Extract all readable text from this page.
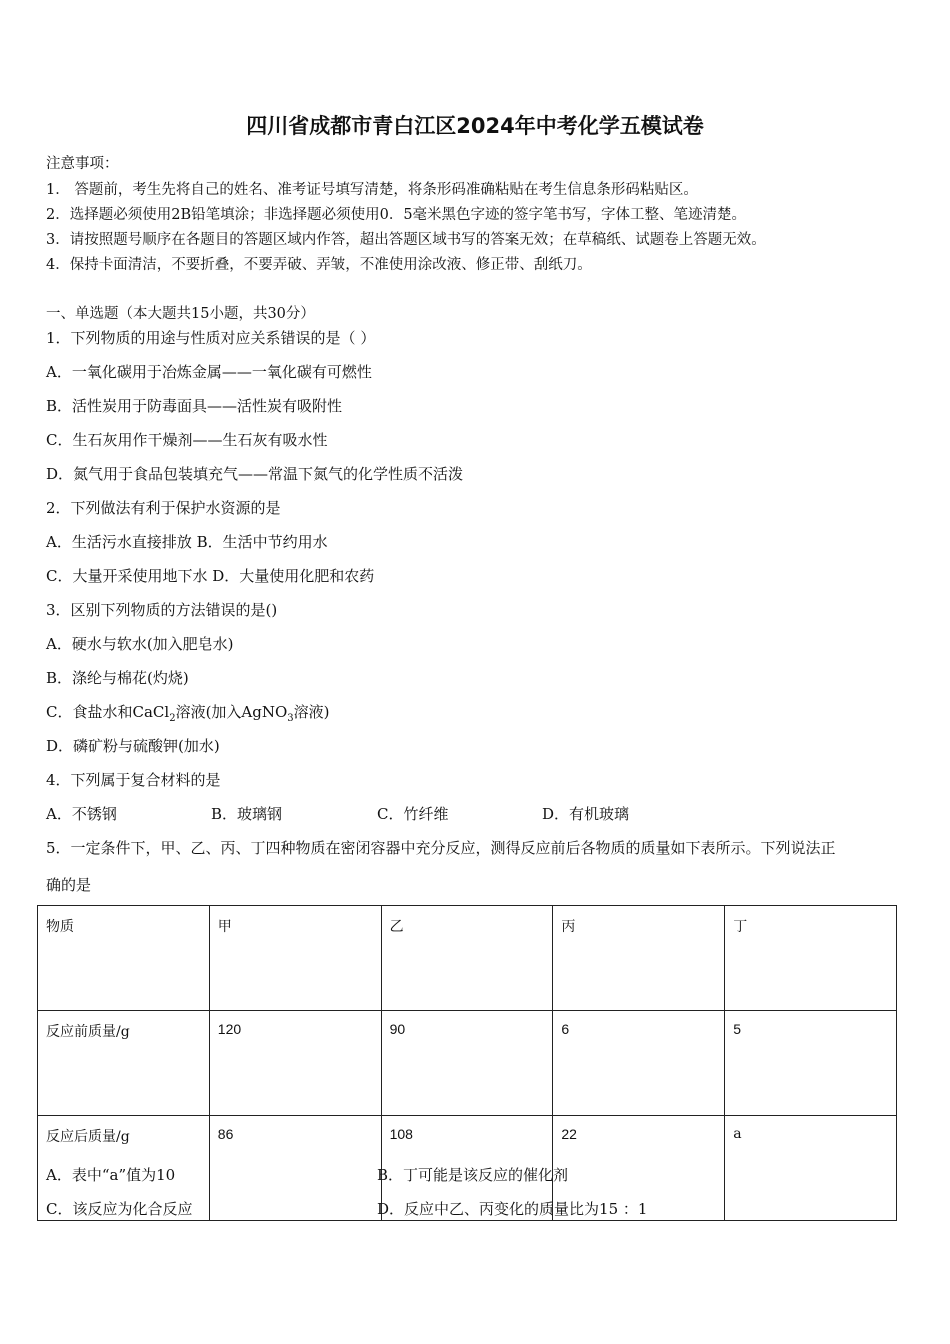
四川省成都市青白江区2024年中考化学五模试卷
注意事项：
1． 答题前，考生先将自己的姓名、准考证号填写清楚，将条形码准确粘贴在考生信息条形码粘贴区。
2．选择题必须使用2B铅笔填涂；非选择题必须使用0．5毫米黑色字迹的签字笔书写，字体工整、笔迹清楚。
3．请按照题号顺序在各题目的答题区域内作答，超出答题区域书写的答案无效；在草稿纸、试题卷上答题无效。
4．保持卡面清洁，不要折叠，不要弄破、弄皱，不准使用涂改液、修正带、刮纸刀。
一、单选题（本大题共15小题，共30分）
1．下列物质的用途与性质对应关系错误的是（ ）
A．一氧化碳用于冶炼金属——一氧化碳有可燃性
B．活性炭用于防毒面具——活性炭有吸附性
C．生石灰用作干燥剂——生石灰有吸水性
D．氮气用于食品包装填充气——常温下氮气的化学性质不活泼
2．下列做法有利于保护水资源的是
A．生活污水直接排放 B．生活中节约用水
C．大量开采使用地下水 D．大量使用化肥和农药
3．区别下列物质的方法错误的是()
A．硬水与软水(加入肥皂水)
B．涤纶与棉花(灼烧)
C．食盐水和CaCl$_2$溶液(加入AgNO$_3$溶液)
D．磷矿粉与硫酸钾(加水)
4．下列属于复合材料的是
A．不锈钢	B．玻璃钢	C．竹纤维	D．有机玻璃
5．一定条件下，甲、乙、丙、丁四种物质在密闭容器中充分反应，测得反应前后各物质的质量如下表所示。下列说法正
确的是
物质	甲	乙	丙	丁
反应前质量/g	120	90	6	5
反应后质量/g	86	108	22	a
A．表中“a”值为10	B．丁可能是该反应的催化剂
C．该反应为化合反应	D．反应中乙、丙变化的质量比为15 ：1
